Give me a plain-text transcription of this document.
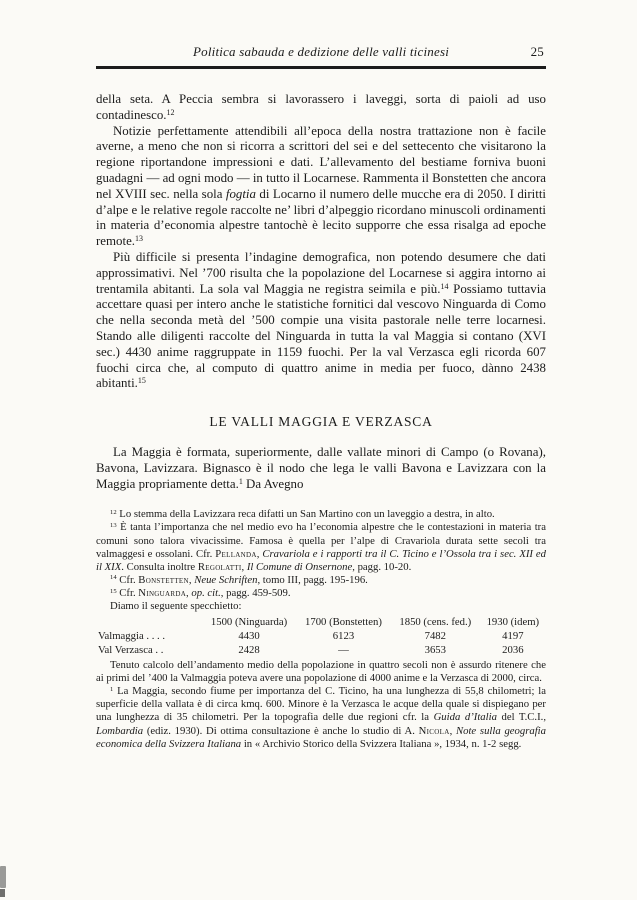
Politica sabauda e dedizione delle valli ticinesi	25

della seta. A Peccia sembra si lavorassero i laveggi, sorta di paioli ad uso contadinesco.$^{12}$

Notizie perfettamente attendibili all’epoca della nostra trattazione non è facile averne, a meno che non si ricorra a scrittori del sei e del settecento che visitarono la regione riportandone impressioni e dati. L’allevamento del bestiame forniva buoni guadagni — ad ogni modo — in tutto il Locarnese. Rammenta il Bonstetten che ancora nel XVIII sec. nella sola fogtia di Locarno il numero delle mucche era di 2050. I diritti d’alpe e le relative regole raccolte ne’ libri d’alpeggio ricordano minuscoli ordinamenti in materia d’economia alpestre tantochè è lecito supporre che essa risalga ad epoche remote.$^{13}$

Più difficile si presenta l’indagine demografica, non potendo desumere che dati approssimativi. Nel ’700 risulta che la popolazione del Locarnese si aggira intorno ai trentamila abitanti. La sola val Maggia ne registra seimila e più.$^{14}$ Possiamo tuttavia accettare quasi per intero anche le statistiche fornitici dal vescovo Ninguarda di Como che nella seconda metà del ’500 compie una visita pastorale nelle terre locarnesi. Stando alle diligenti raccolte del Ninguarda in tutta la val Maggia si contano (XVI sec.) 4430 anime raggruppate in 1159 fuochi. Per la val Verzasca egli ricorda 607 fuochi circa che, al computo di quattro anime in media per fuoco, dànno 2438 abitanti.$^{15}$

LE VALLI MAGGIA E VERZASCA

La Maggia è formata, superiormente, dalle vallate minori di Campo (o Rovana), Bavona, Lavizzara. Bignasco è il nodo che lega le valli Bavona e Lavizzara con la Maggia propriamente detta.$^1$ Da Avegno

$^{12}$ Lo stemma della Lavizzara reca difatti un San Martino con un laveggio a destra, in alto.

$^{13}$ È tanta l’importanza che nel medio evo ha l’economia alpestre che le contestazioni in materia tra comuni sono talora vivacissime. Famosa è quella per l’alpe di Cravariola durata sette secoli tra valmaggesi e ossolani. Cfr. Pellanda, Cravariola e i rapporti tra il C. Ticino e l’Ossola tra i sec. XII ed il XIX. Consulta inoltre Regolatti, Il Comune di Onsernone, pagg. 10-20.

$^{14}$ Cfr. Bonstetten, Neue Schriften, tomo III, pagg. 195-196.

$^{15}$ Cfr. Ninguarda, op. cit., pagg. 459-509.

Diamo il seguente specchietto:

	1500 (Ninguarda)	1700 (Bonstetten)	1850 (cens. fed.)	1930 (idem)
Valmaggia . . . .	4430	6123	7482	4197
Val Verzasca . .	2428	—	3653	2036

Tenuto calcolo dell’andamento medio della popolazione in quattro secoli non è assurdo ritenere che ai primi del ’400 la Valmaggia poteva avere una popolazione di 4000 anime e la Verzasca di 2000, circa.

$^1$ La Maggia, secondo fiume per importanza del C. Ticino, ha una lunghezza di 55,8 chilometri; la superficie della vallata è di circa kmq. 600. Minore è la Verzasca le acque della quale si dispiegano per una lunghezza di 35 chilometri. Per la topografia delle due regioni cfr. la Guida d’Italia del T.C.I., Lombardia (ediz. 1930). Di ottima consultazione è anche lo studio di A. Nicola, Note sulla geografia economica della Svizzera Italiana in « Archivio Storico della Svizzera Italiana », 1934, n. 1-2 segg.
